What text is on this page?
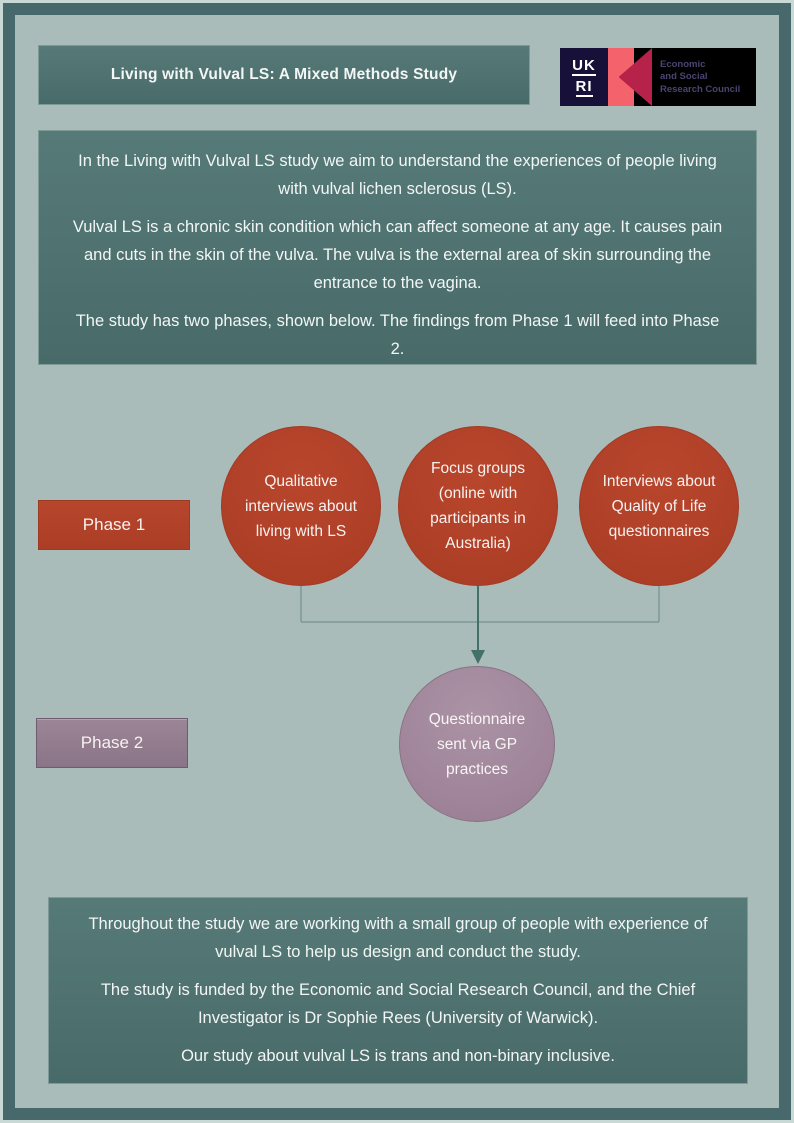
Living with Vulval LS: A Mixed Methods Study
UK
RI
Economic
and Social
Research Council

In the Living with Vulval LS study we aim to understand the experiences of people living with vulval lichen sclerosus (LS).

Vulval LS is a chronic skin condition which can affect someone at any age. It causes pain and cuts in the skin of the vulva. The vulva is the external area of skin surrounding the entrance to the vagina.

The study has two phases, shown below. The findings from Phase 1 will feed into Phase 2.

Phase 1
Qualitative interviews about living with LS
Focus groups (online with participants in Australia)
Interviews about Quality of Life questionnaires
Phase 2
Questionnaire sent via GP practices

Throughout the study we are working with a small group of people with experience of vulval LS to help us design and conduct the study.

The study is funded by the Economic and Social Research Council, and the Chief Investigator is Dr Sophie Rees (University of Warwick).

Our study about vulval LS is trans and non-binary inclusive.
